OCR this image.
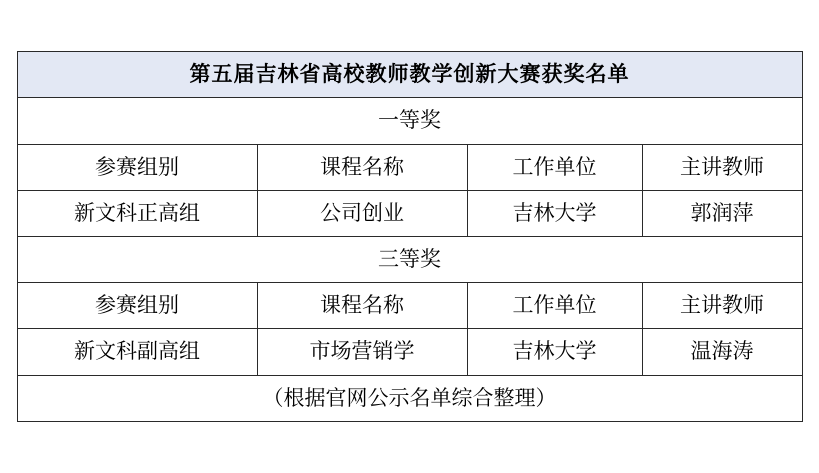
第五届吉林省高校教师教学创新大赛获奖名单			
一等奖			
参赛组别	课程名称	工作单位	主讲教师
新文科正高组	公司创业	吉林大学	郭润萍
三等奖			
参赛组别	课程名称	工作单位	主讲教师
新文科副高组	市场营销学	吉林大学	温海涛
（根据官网公示名单综合整理）			
